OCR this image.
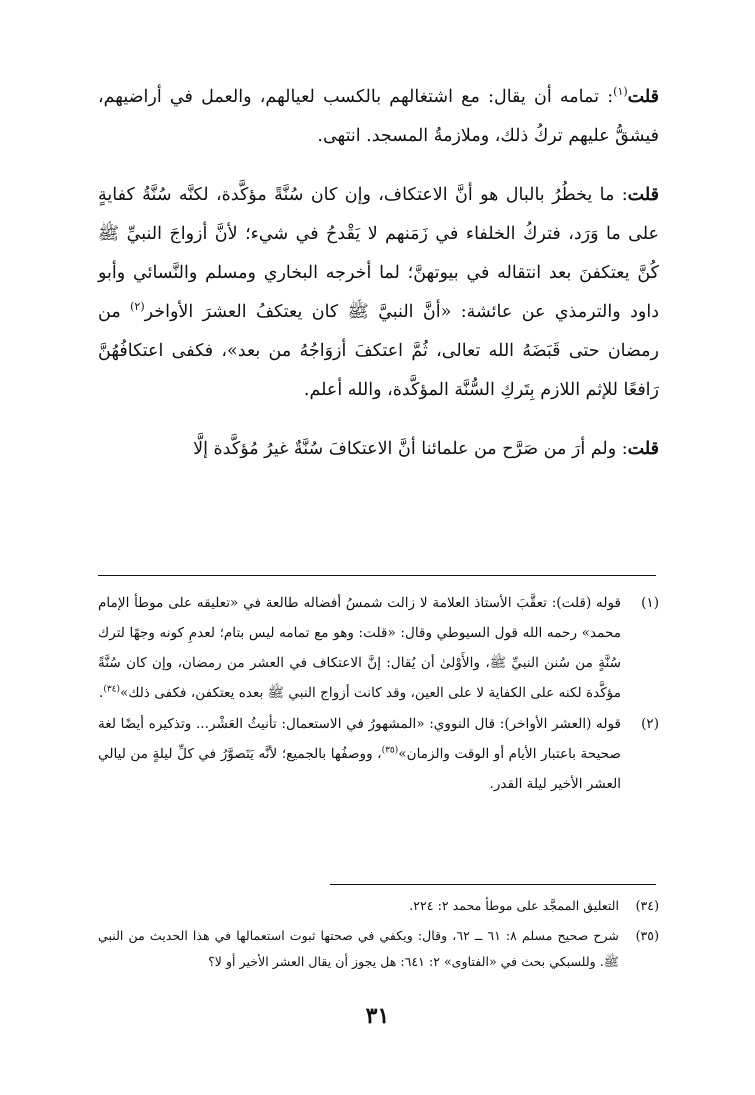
قلت$^{(١)}$: تمامه أن يقال: مع اشتغالهم بالكسب لعيالهم، والعمل في أراضيهم، فيشقُّ عليهم تركُ ذلك، وملازمةُ المسجد. انتهى.

قلت: ما يخطُرُ بالبال هو أنَّ الاعتكاف، وإن كان سُنَّةً مؤكَّدة، لكنَّه سُنَّةُ كفايةٍ على ما وَرَد، فتركُ الخلفاء في زَمَنهم لا يَقْدحُ في شيء؛ لأنَّ أزواجَ النبيِّ ﷺ كُنَّ يعتكفنَ بعد انتقاله في بيوتهنَّ؛ لما أخرجه البخاري ومسلم والنَّسائي وأبو داود والترمذي عن عائشة: «أنَّ النبيَّ ﷺ كان يعتكفُ العشرَ الأواخر$^{(٢)}$ من رمضان حتى قَبَضَهُ الله تعالى، ثُمَّ اعتكفَ أزوَاجُهُ من بعد»، فكفى اعتكافُهُنَّ رَافعًا للإثم اللازم بِتَركِ السُّنَّة المؤكَّدة، والله أعلم.

قلت: ولم أرَ من صَرَّح من علمائنا أنَّ الاعتكافَ سُنَّةٌ غيرُ مُؤكَّدة إلَّا

(١)
قوله (قلت): تعقَّبَ الأستاذ العلامة لا زالت شمسُ أفضاله طالعة في «تعليقه على موطأ الإمام محمد» رحمه الله قول السيوطي وقال: «قلت: وهو مع تمامه ليس بتام؛ لعدمِ كونه وجهًا لترك سُنَّةٍ من سُنن النبيِّ ﷺ، والأَوْلىٰ أن يُقال: إنَّ الاعتكاف في العشر من رمضان، وإن كان سُنَّةً مؤكَّدة لكنه على الكفاية لا على العين، وقد كانت أزواج النبي ﷺ بعده يعتكفن، فكفى ذلك»$^{(٣٤)}$.
(٢)
قوله (العشر الأواخر): قال النووي: «المشهورُ في الاستعمال: تأنيثُ العَشْر... وتذكيره أيضًا لغة صحيحة باعتبار الأيام أو الوقت والزمان»$^{(٣٥)}$، ووصفُها بالجميع؛ لأنَّه يَتَصوَّرُ في كلِّ ليلةٍ من ليالي العشر الأخير ليلة القدر.
(٣٤)
التعليق الممجَّد على موطأ محمد ٢: ٢٢٤.
(٣٥)
شرح صحيح مسلم ٨: ٦١ ــ ٦٢، وقال: ويكفي في صحتها ثبوت استعمالها في هذا الحديث من النبي ﷺ. وللسبكي بحث في «الفتاوى» ٢: ٦٤١: هل يجوز أن يقال العشر الأخير أو لا؟
٣١
